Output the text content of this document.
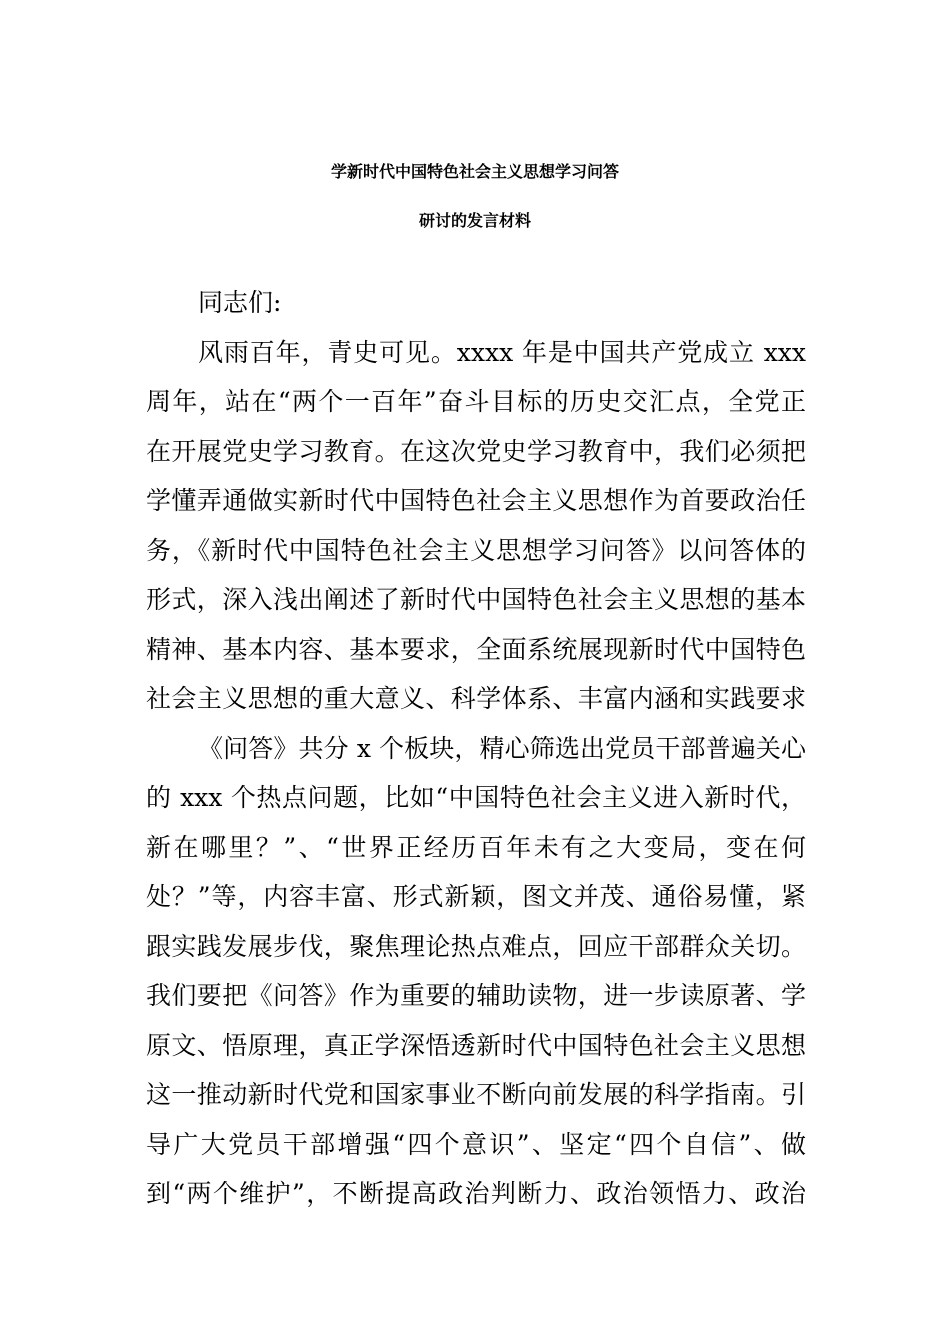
学新时代中国特色社会主义思想学习问答
研讨的发言材料
同志们:
风雨百年，青史可见。xxxx 年是中国共产党成立 xxx
周年，站在“两个一百年”奋斗目标的历史交汇点，全党正
在开展党史学习教育。在这次党史学习教育中，我们必须把
学懂弄通做实新时代中国特色社会主义思想作为首要政治任
务，《新时代中国特色社会主义思想学习问答》以问答体的
形式，深入浅出阐述了新时代中国特色社会主义思想的基本
精神、基本内容、基本要求，全面系统展现新时代中国特色
社会主义思想的重大意义、科学体系、丰富内涵和实践要求
《问答》共分 x 个板块，精心筛选出党员干部普遍关心
的 xxx 个热点问题，比如“中国特色社会主义进入新时代，
新在哪里？”、“世界正经历百年未有之大变局，变在何
处？”等，内容丰富、形式新颖，图文并茂、通俗易懂，紧
跟实践发展步伐，聚焦理论热点难点，回应干部群众关切。
我们要把《问答》作为重要的辅助读物，进一步读原著、学
原文、悟原理，真正学深悟透新时代中国特色社会主义思想
这一推动新时代党和国家事业不断向前发展的科学指南。引
导广大党员干部增强“四个意识”、坚定“四个自信”、做
到“两个维护”，不断提高政治判断力、政治领悟力、政治
